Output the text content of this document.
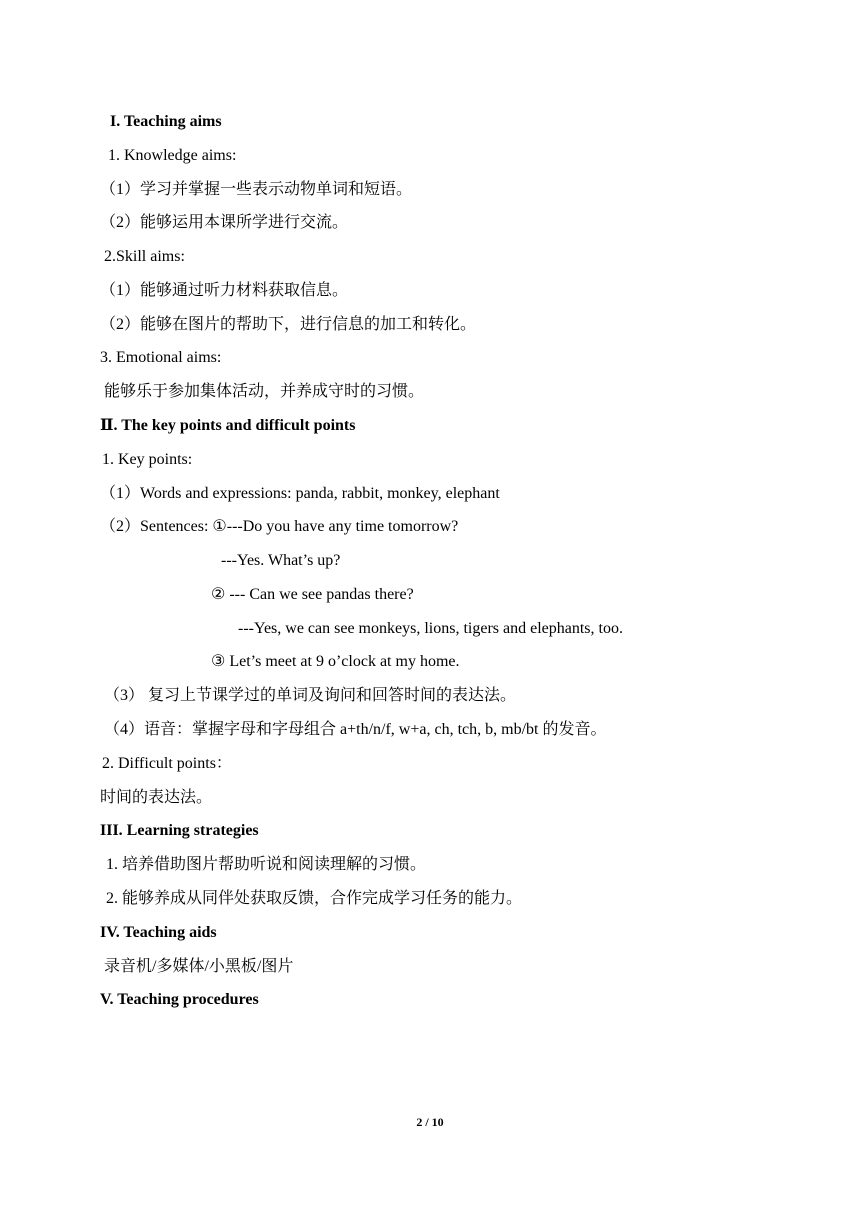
I. Teaching aims
1. Knowledge aims:
（1）学习并掌握一些表示动物单词和短语。
（2）能够运用本课所学进行交流。
2.Skill aims:
（1）能够通过听力材料获取信息。
（2）能够在图片的帮助下，进行信息的加工和转化。
3. Emotional aims:
能够乐于参加集体活动，并养成守时的习惯。
Ⅱ. The key points and difficult points
1. Key points:
（1）Words and expressions: panda, rabbit, monkey, elephant
（2）Sentences: ①---Do you have any time tomorrow?
---Yes. What’s up?
② --- Can we see pandas there?
---Yes, we can see monkeys, lions, tigers and elephants, too.
③ Let’s meet at 9 o’clock at my home.
（3） 复习上节课学过的单词及询问和回答时间的表达法。
（4）语音：掌握字母和字母组合 a+th/n/f, w+a, ch, tch, b, mb/bt 的发音。
2. Difficult points：
时间的表达法。
III. Learning strategies
1. 培养借助图片帮助听说和阅读理解的习惯。
2. 能够养成从同伴处获取反馈，合作完成学习任务的能力。
IV. Teaching aids
录音机/多媒体/小黑板/图片
V. Teaching procedures
2 / 10
